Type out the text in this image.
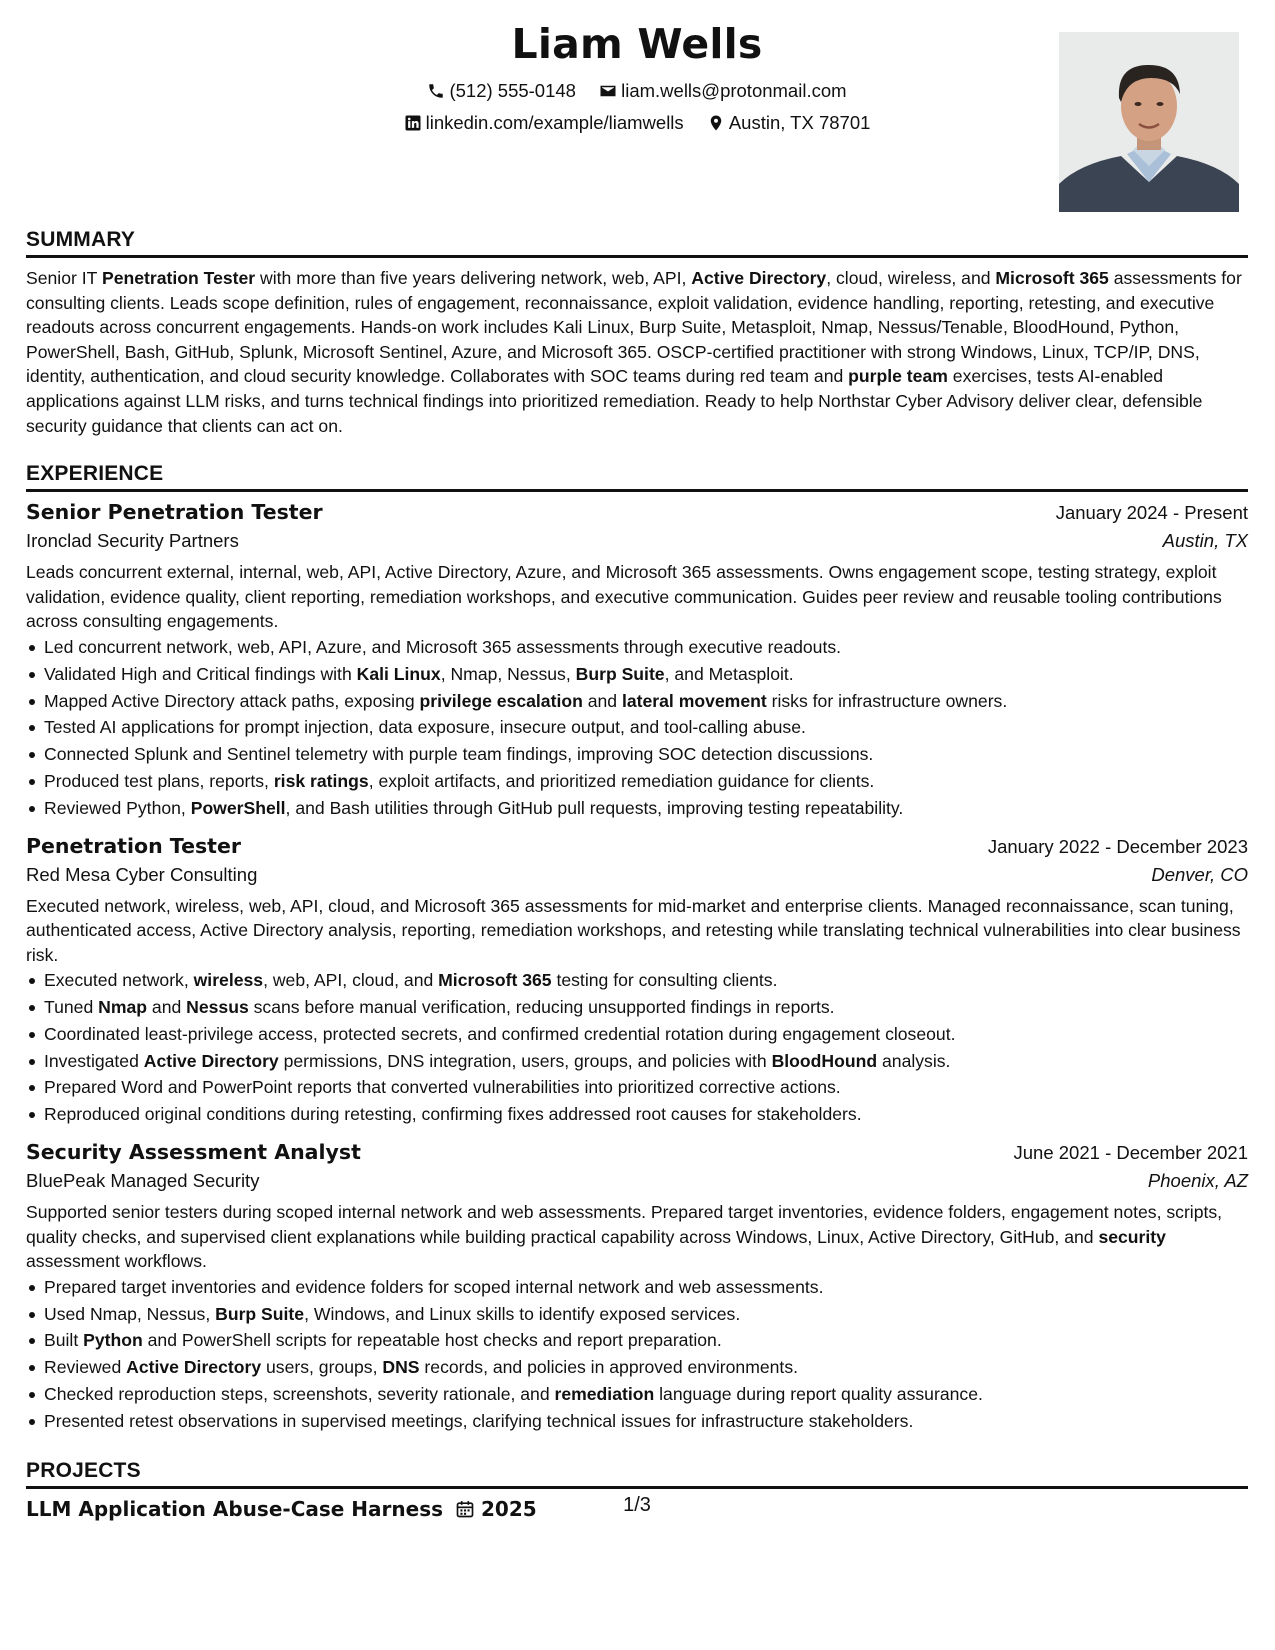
Liam Wells
(512) 555-0148
liam.wells@protonmail.com
linkedin.com/example/liamwells
Austin, TX 78701
SUMMARY
Senior IT Penetration Tester with more than five years delivering network, web, API, Active Directory, cloud, wireless, and Microsoft 365 assessments for consulting clients. Leads scope definition, rules of engagement, reconnaissance, exploit validation, evidence handling, reporting, retesting, and executive readouts across concurrent engagements. Hands-on work includes Kali Linux, Burp Suite, Metasploit, Nmap, Nessus/Tenable, BloodHound, Python, PowerShell, Bash, GitHub, Splunk, Microsoft Sentinel, Azure, and Microsoft 365. OSCP-certified practitioner with strong Windows, Linux, TCP/IP, DNS, identity, authentication, and cloud security knowledge. Collaborates with SOC teams during red team and purple team exercises, tests AI-enabled applications against LLM risks, and turns technical findings into prioritized remediation. Ready to help Northstar Cyber Advisory deliver clear, defensible security guidance that clients can act on.
EXPERIENCE
Senior Penetration Tester	January 2024 - Present
Ironclad Security Partners	Austin, TX
Leads concurrent external, internal, web, API, Active Directory, Azure, and Microsoft 365 assessments. Owns engagement scope, testing strategy, exploit validation, evidence quality, client reporting, remediation workshops, and executive communication. Guides peer review and reusable tooling contributions across consulting engagements.
Led concurrent network, web, API, Azure, and Microsoft 365 assessments through executive readouts.
Validated High and Critical findings with Kali Linux, Nmap, Nessus, Burp Suite, and Metasploit.
Mapped Active Directory attack paths, exposing privilege escalation and lateral movement risks for infrastructure owners.
Tested AI applications for prompt injection, data exposure, insecure output, and tool-calling abuse.
Connected Splunk and Sentinel telemetry with purple team findings, improving SOC detection discussions.
Produced test plans, reports, risk ratings, exploit artifacts, and prioritized remediation guidance for clients.
Reviewed Python, PowerShell, and Bash utilities through GitHub pull requests, improving testing repeatability.
Penetration Tester	January 2022 - December 2023
Red Mesa Cyber Consulting	Denver, CO
Executed network, wireless, web, API, cloud, and Microsoft 365 assessments for mid-market and enterprise clients. Managed reconnaissance, scan tuning, authenticated access, Active Directory analysis, reporting, remediation workshops, and retesting while translating technical vulnerabilities into clear business risk.
Executed network, wireless, web, API, cloud, and Microsoft 365 testing for consulting clients.
Tuned Nmap and Nessus scans before manual verification, reducing unsupported findings in reports.
Coordinated least-privilege access, protected secrets, and confirmed credential rotation during engagement closeout.
Investigated Active Directory permissions, DNS integration, users, groups, and policies with BloodHound analysis.
Prepared Word and PowerPoint reports that converted vulnerabilities into prioritized corrective actions.
Reproduced original conditions during retesting, confirming fixes addressed root causes for stakeholders.
Security Assessment Analyst	June 2021 - December 2021
BluePeak Managed Security	Phoenix, AZ
Supported senior testers during scoped internal network and web assessments. Prepared target inventories, evidence folders, engagement notes, scripts, quality checks, and supervised client explanations while building practical capability across Windows, Linux, Active Directory, GitHub, and security assessment workflows.
Prepared target inventories and evidence folders for scoped internal network and web assessments.
Used Nmap, Nessus, Burp Suite, Windows, and Linux skills to identify exposed services.
Built Python and PowerShell scripts for repeatable host checks and report preparation.
Reviewed Active Directory users, groups, DNS records, and policies in approved environments.
Checked reproduction steps, screenshots, severity rationale, and remediation language during report quality assurance.
Presented retest observations in supervised meetings, clarifying technical issues for infrastructure stakeholders.
PROJECTS
LLM Application Abuse-Case Harness 2025	1/3
